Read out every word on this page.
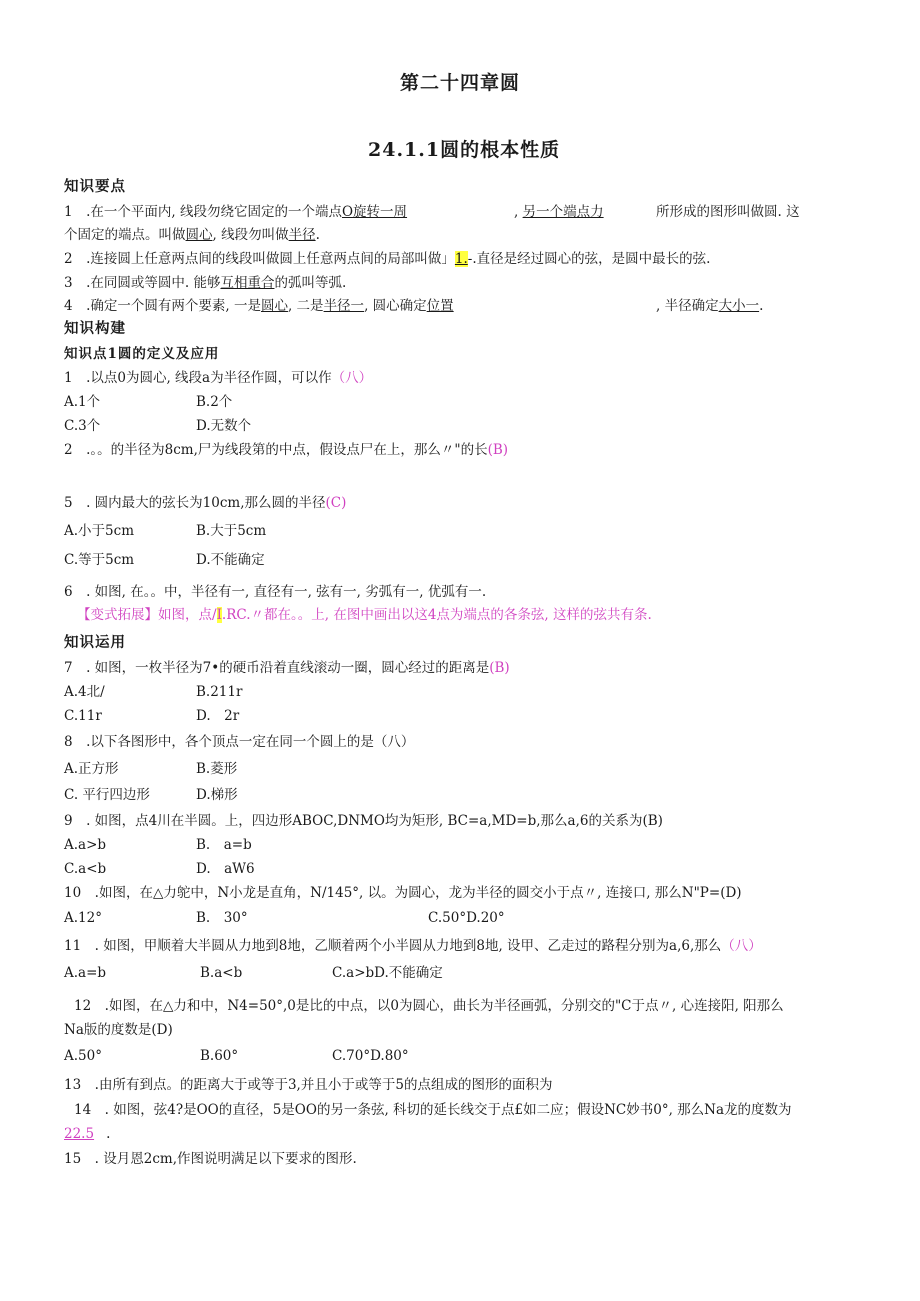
第二十四章圆
24.1.1圆的根本性质
知识要点
1　.在一个平面内, 线段勿绕它固定的一个端点O旋转一周	, 另一个端点力	所形成的图形叫做圆. 这
个固定的端点。叫做圆心, 线段勿叫做半径.
2　.连接圆上任意两点间的线段叫做圆上任意两点间的局部叫做」1.-.直径是经过圆心的弦，是圆中最长的弦.
3　.在同圆或等圆中. 能够互相重合的弧叫等弧.
4　.确定一个圆有两个要素, 一是圆心, 二是半径一, 圆心确定位置	, 半径确定大小一.
知识构建
知识点1圆的定义及应用
1　.以点0为圆心, 线段a为半径作圆，可以作（八）
A.1个	B.2个
C.3个	D.无数个
2　.。。的半径为8cm,尸为线段第的中点，假设点尸在上，那么〃"的长(B)
5　. 圆内最大的弦长为10cm,那么圆的半径(C)
A.小于5cm	B.大于5cm
C.等于5cm	D.不能确定
6　. 如图, 在。。中，半径有一, 直径有一, 弦有一, 劣弧有一, 优弧有一.
【变式拓展】如图，点/I.RC.〃都在。。上, 在图中画出以这4点为端点的各条弦, 这样的弦共有条.
知识运用
7　. 如图，一枚半径为7•的硬币沿着直线滚动一圈，圆心经过的距离是(B)
A.4北/	B.211r
C.11r	D.　2r
8　.以下各图形中，各个顶点一定在同一个圆上的是（八）
A.正方形	B.菱形
C. 平行四边形	D.梯形
9　. 如图，点4川在半圆。上，四边形ABOC,DNMO均为矩形, BC=a,MD=b,那么a,6的关系为(B)
A.a>b	B.　a=b
C.a<b	D.　aW6
10　.如图，在△力鸵中，N小龙是直角，N/145°, 以。为圆心，龙为半径的圆交小于点〃, 连接口, 那么N"P=(D)
A.12°	B.　30°	C.50°D.20°
11　. 如图，甲顺着大半圆从力地到8地，乙顺着两个小半圆从力地到8地, 设甲、乙走过的路程分别为a,6,那么（八）
A.a=b	B.a<b	C.a>bD.不能确定
12　.如图，在△力和中，N4=50°,0是比的中点，以0为圆心，曲长为半径画弧，分别交的"C于点〃, 心连接阳, 阳那么
Na版的度数是(D)
A.50°	B.60°	C.70°D.80°
13　.由所有到点。的距离大于或等于3,并且小于或等于5的点组成的图形的面积为
14　. 如图，弦4?是OO的直径，5是OO的另一条弦, 科切的延长线交于点£如二应；假设NC妙书0°, 那么Na龙的度数为
22.5 .
15　. 设月恩2cm,作图说明满足以下要求的图形.
